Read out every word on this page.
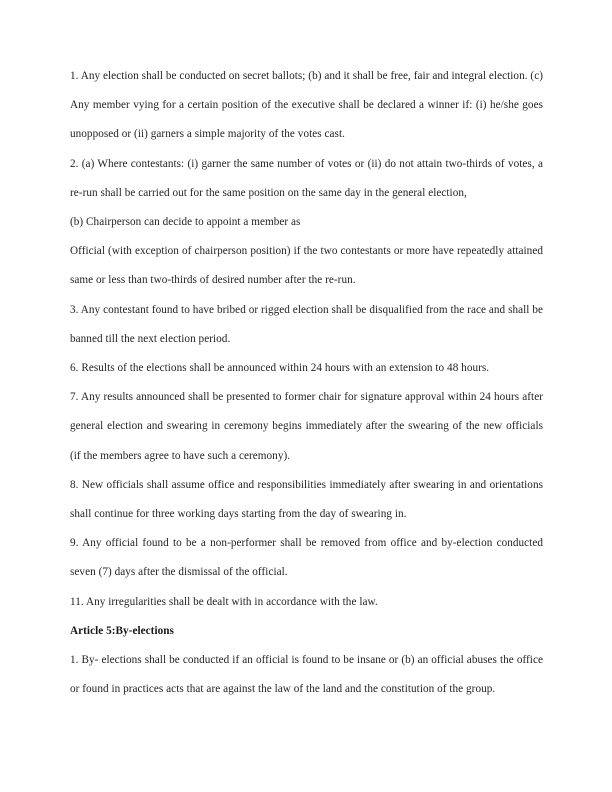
1. Any election shall be conducted on secret ballots; (b) and it shall be free, fair and integral election. (c) Any member vying for a certain position of the executive shall be declared a winner if: (i) he/she goes unopposed or (ii) garners a simple majority of the votes cast.

2. (a) Where contestants: (i) garner the same number of votes or (ii) do not attain two-thirds of votes, a re-run shall be carried out for the same position on the same day in the general election,

(b) Chairperson can decide to appoint a member as

Official (with exception of chairperson position) if the two contestants or more have repeatedly attained same or less than two-thirds of desired number after the re-run.

3. Any contestant found to have bribed or rigged election shall be disqualified from the race and shall be banned till the next election period.

6. Results of the elections shall be announced within 24 hours with an extension to 48 hours.

7. Any results announced shall be presented to former chair for signature approval within 24 hours after general election and swearing in ceremony begins immediately after the swearing of the new officials (if the members agree to have such a ceremony).

8. New officials shall assume office and responsibilities immediately after swearing in and orientations shall continue for three working days starting from the day of swearing in.

9. Any official found to be a non-performer shall be removed from office and by-election conducted seven (7) days after the dismissal of the official.

11. Any irregularities shall be dealt with in accordance with the law.

Article 5:By-elections

1. By- elections shall be conducted if an official is found to be insane or (b) an official abuses the office or found in practices acts that are against the law of the land and the constitution of the group.
